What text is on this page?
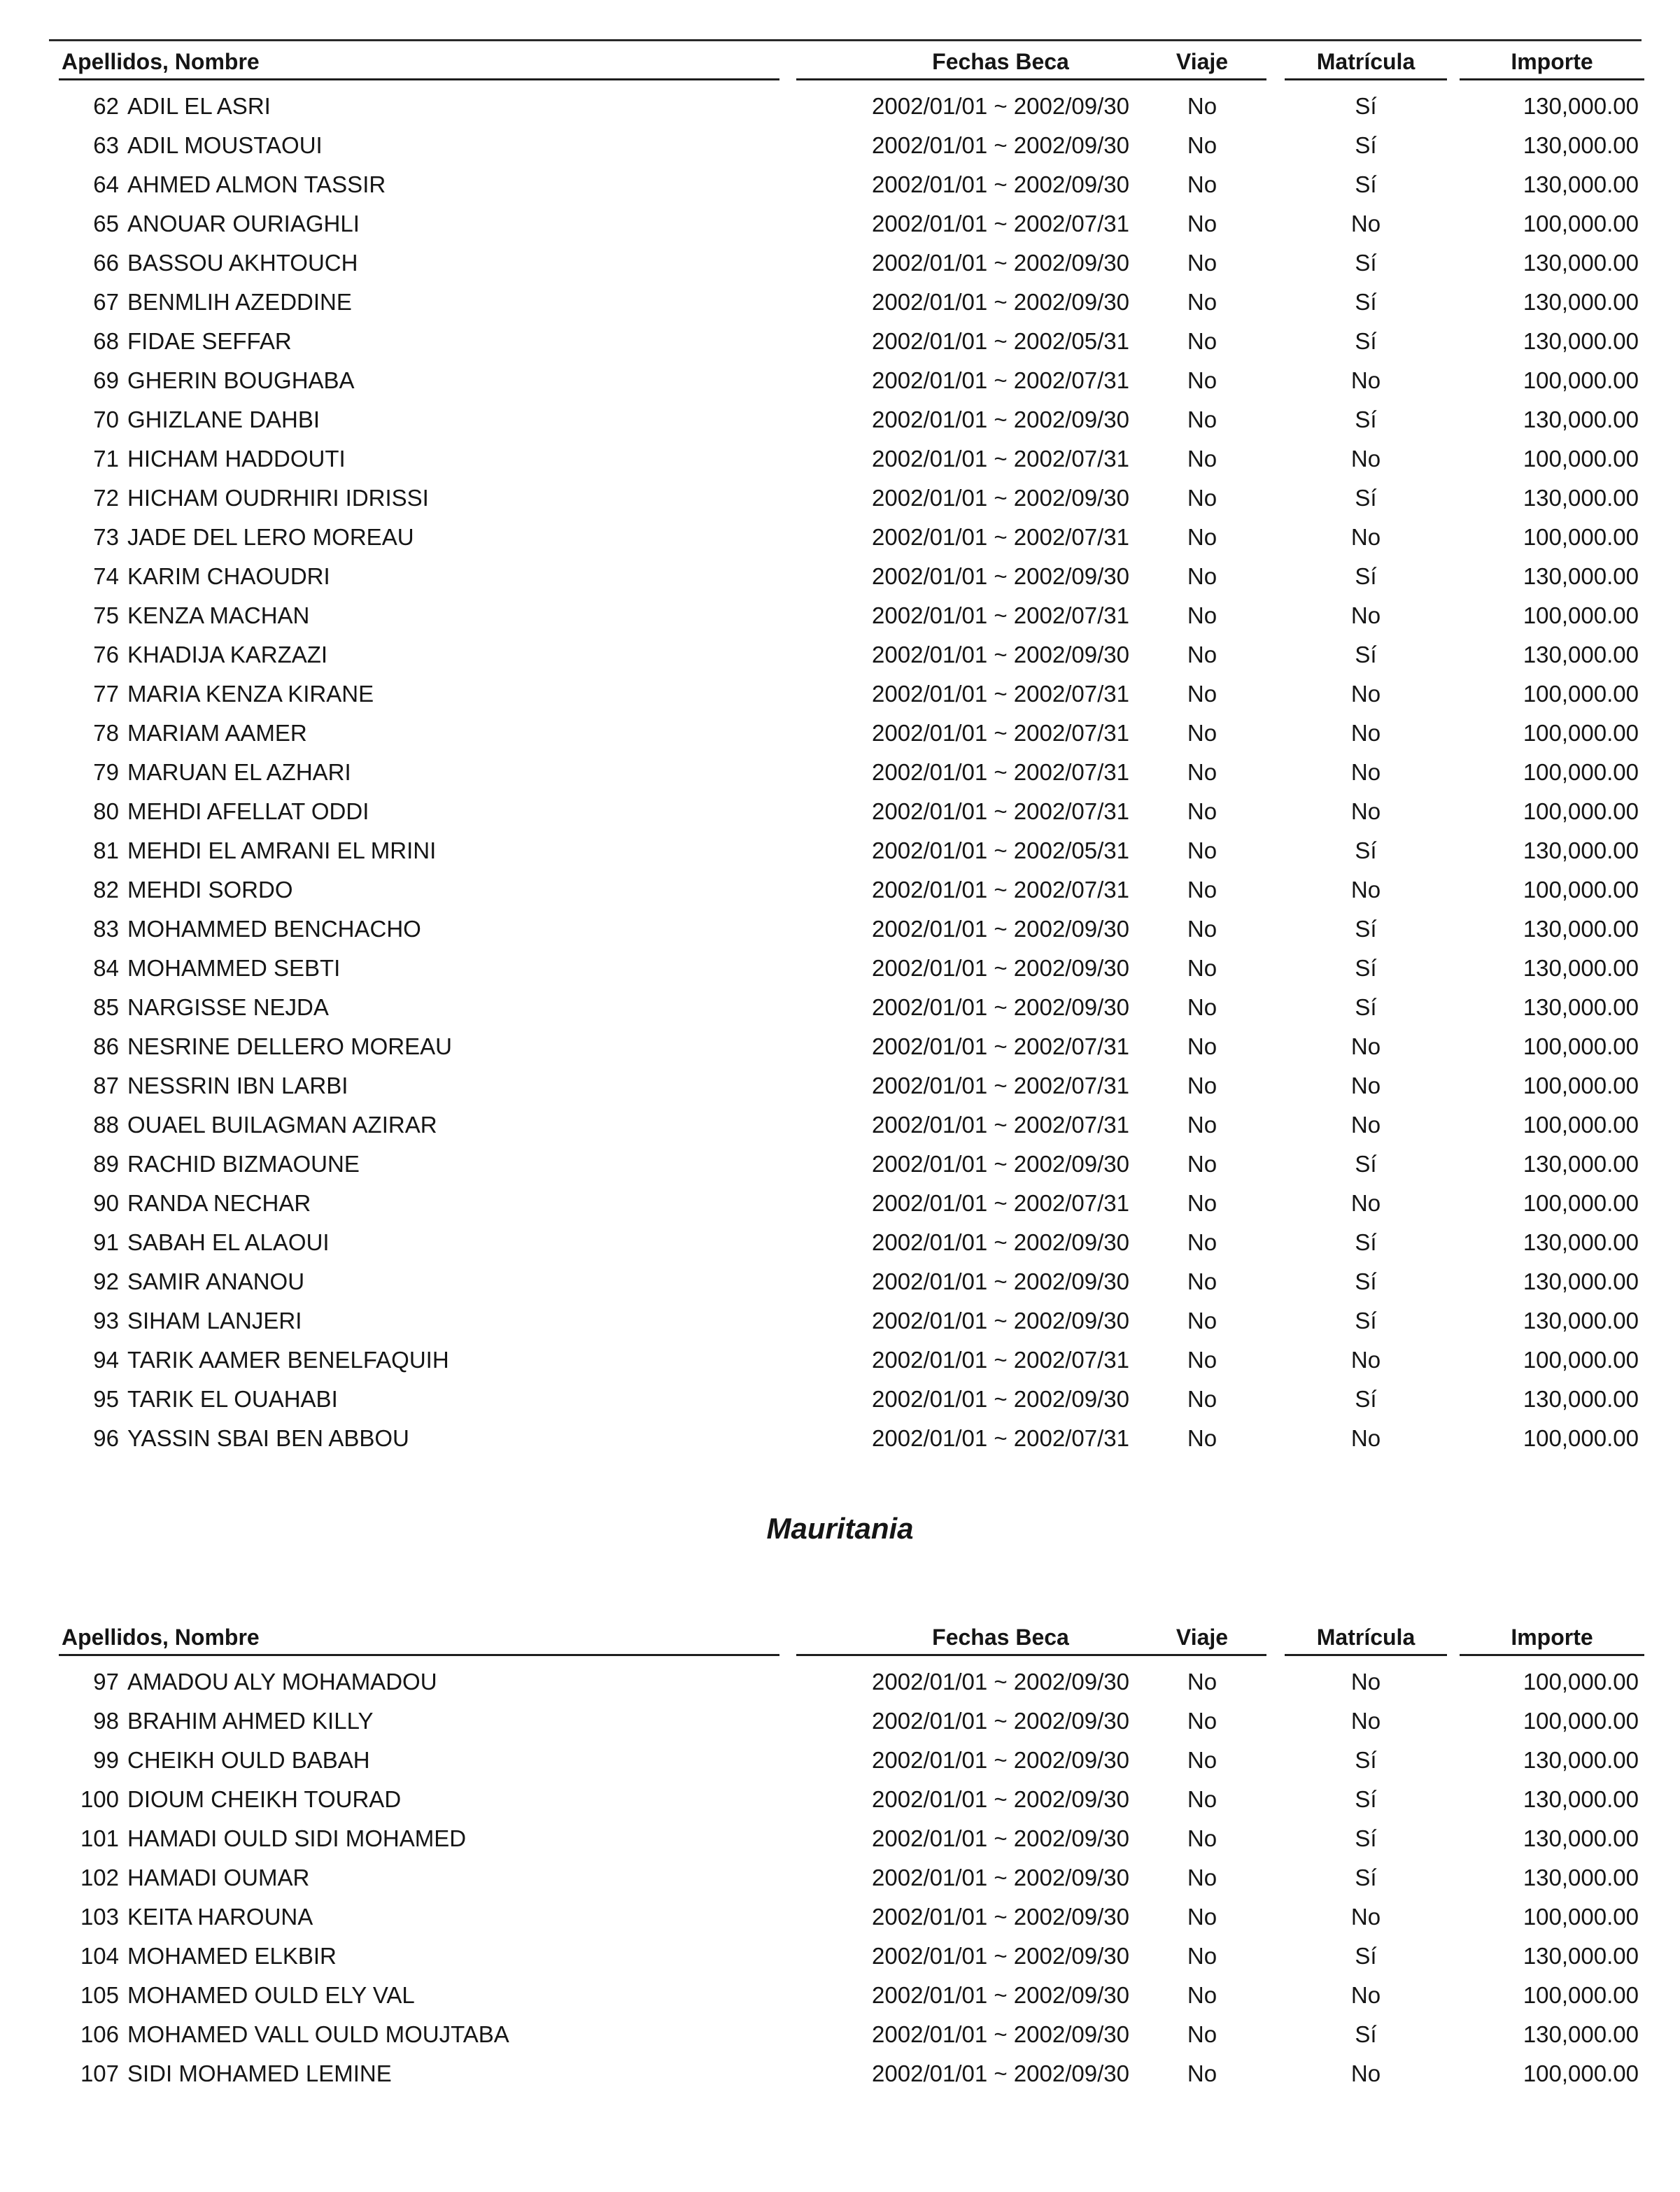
Apellidos, Nombre	Fechas Beca	Viaje	Matrícula	Importe
62 ADIL EL ASRI	2002/01/01 ~ 2002/09/30	No	Sí	130,000.00
63 ADIL MOUSTAOUI	2002/01/01 ~ 2002/09/30	No	Sí	130,000.00
64 AHMED ALMON TASSIR	2002/01/01 ~ 2002/09/30	No	Sí	130,000.00
65 ANOUAR OURIAGHLI	2002/01/01 ~ 2002/07/31	No	No	100,000.00
66 BASSOU AKHTOUCH	2002/01/01 ~ 2002/09/30	No	Sí	130,000.00
67 BENMLIH AZEDDINE	2002/01/01 ~ 2002/09/30	No	Sí	130,000.00
68 FIDAE SEFFAR	2002/01/01 ~ 2002/05/31	No	Sí	130,000.00
69 GHERIN BOUGHABA	2002/01/01 ~ 2002/07/31	No	No	100,000.00
70 GHIZLANE DAHBI	2002/01/01 ~ 2002/09/30	No	Sí	130,000.00
71 HICHAM HADDOUTI	2002/01/01 ~ 2002/07/31	No	No	100,000.00
72 HICHAM OUDRHIRI IDRISSI	2002/01/01 ~ 2002/09/30	No	Sí	130,000.00
73 JADE DEL LERO MOREAU	2002/01/01 ~ 2002/07/31	No	No	100,000.00
74 KARIM CHAOUDRI	2002/01/01 ~ 2002/09/30	No	Sí	130,000.00
75 KENZA MACHAN	2002/01/01 ~ 2002/07/31	No	No	100,000.00
76 KHADIJA KARZAZI	2002/01/01 ~ 2002/09/30	No	Sí	130,000.00
77 MARIA KENZA KIRANE	2002/01/01 ~ 2002/07/31	No	No	100,000.00
78 MARIAM AAMER	2002/01/01 ~ 2002/07/31	No	No	100,000.00
79 MARUAN EL AZHARI	2002/01/01 ~ 2002/07/31	No	No	100,000.00
80 MEHDI AFELLAT ODDI	2002/01/01 ~ 2002/07/31	No	No	100,000.00
81 MEHDI EL AMRANI EL MRINI	2002/01/01 ~ 2002/05/31	No	Sí	130,000.00
82 MEHDI SORDO	2002/01/01 ~ 2002/07/31	No	No	100,000.00
83 MOHAMMED BENCHACHO	2002/01/01 ~ 2002/09/30	No	Sí	130,000.00
84 MOHAMMED SEBTI	2002/01/01 ~ 2002/09/30	No	Sí	130,000.00
85 NARGISSE NEJDA	2002/01/01 ~ 2002/09/30	No	Sí	130,000.00
86 NESRINE DELLERO MOREAU	2002/01/01 ~ 2002/07/31	No	No	100,000.00
87 NESSRIN IBN LARBI	2002/01/01 ~ 2002/07/31	No	No	100,000.00
88 OUAEL BUILAGMAN AZIRAR	2002/01/01 ~ 2002/07/31	No	No	100,000.00
89 RACHID BIZMAOUNE	2002/01/01 ~ 2002/09/30	No	Sí	130,000.00
90 RANDA NECHAR	2002/01/01 ~ 2002/07/31	No	No	100,000.00
91 SABAH EL ALAOUI	2002/01/01 ~ 2002/09/30	No	Sí	130,000.00
92 SAMIR ANANOU	2002/01/01 ~ 2002/09/30	No	Sí	130,000.00
93 SIHAM LANJERI	2002/01/01 ~ 2002/09/30	No	Sí	130,000.00
94 TARIK AAMER BENELFAQUIH	2002/01/01 ~ 2002/07/31	No	No	100,000.00
95 TARIK EL OUAHABI	2002/01/01 ~ 2002/09/30	No	Sí	130,000.00
96 YASSIN SBAI BEN ABBOU	2002/01/01 ~ 2002/07/31	No	No	100,000.00
Mauritania
Apellidos, Nombre	Fechas Beca	Viaje	Matrícula	Importe
97 AMADOU ALY MOHAMADOU	2002/01/01 ~ 2002/09/30	No	No	100,000.00
98 BRAHIM AHMED KILLY	2002/01/01 ~ 2002/09/30	No	No	100,000.00
99 CHEIKH OULD BABAH	2002/01/01 ~ 2002/09/30	No	Sí	130,000.00
100 DIOUM CHEIKH TOURAD	2002/01/01 ~ 2002/09/30	No	Sí	130,000.00
101 HAMADI OULD SIDI MOHAMED	2002/01/01 ~ 2002/09/30	No	Sí	130,000.00
102 HAMADI OUMAR	2002/01/01 ~ 2002/09/30	No	Sí	130,000.00
103 KEITA HAROUNA	2002/01/01 ~ 2002/09/30	No	No	100,000.00
104 MOHAMED ELKBIR	2002/01/01 ~ 2002/09/30	No	Sí	130,000.00
105 MOHAMED OULD ELY VAL	2002/01/01 ~ 2002/09/30	No	No	100,000.00
106 MOHAMED VALL OULD MOUJTABA	2002/01/01 ~ 2002/09/30	No	Sí	130,000.00
107 SIDI MOHAMED LEMINE	2002/01/01 ~ 2002/09/30	No	No	100,000.00
